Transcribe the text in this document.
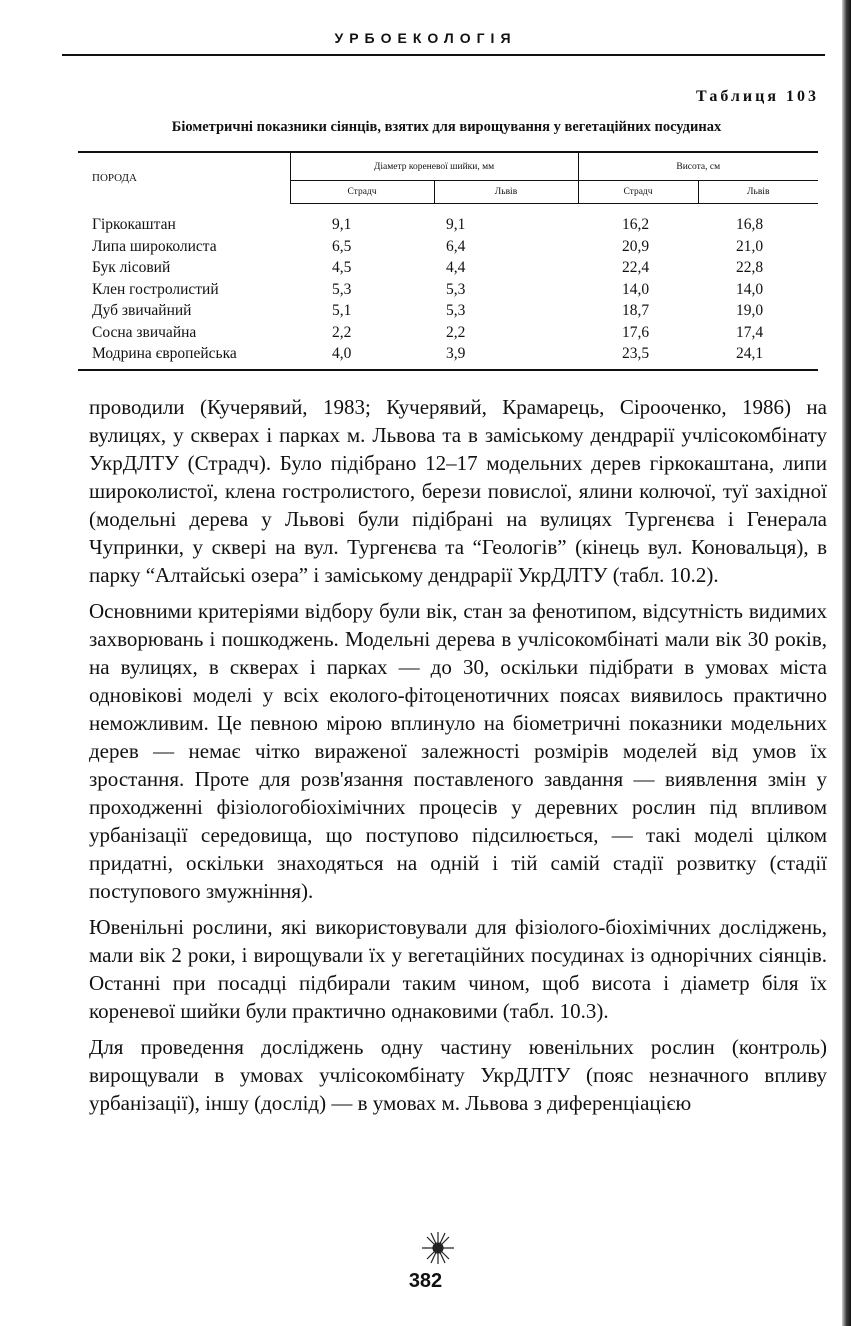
УРБОЕКОЛОГІЯ
Таблиця 103
Біометричні показники сіянців, взятих для вирощування у вегетаційних посудинах
ПОРОДА	Діаметр кореневої шийки, мм		Висота, см	
	Страдч	Львів	Страдч	Львів
Гіркокаштан	9,1	9,1	16,2	16,8
Липа широколиста	6,5	6,4	20,9	21,0
Бук лісовий	4,5	4,4	22,4	22,8
Клен гостролистий	5,3	5,3	14,0	14,0
Дуб звичайний	5,1	5,3	18,7	19,0
Сосна звичайна	2,2	2,2	17,6	17,4
Модрина європейська	4,0	3,9	23,5	24,1

проводили (Кучерявий, 1983; Кучерявий, Крамарець, Сірооченко, 1986) на вулицях, у скверах і парках м. Львова та в заміському дендрарії учлісокомбінату УкрДЛТУ (Страдч). Було підібрано 12–17 модельних дерев гіркокаштана, липи широколистої, клена гостролистого, берези повислої, ялини колючої, туї західної (модельні дерева у Львові були підібрані на вулицях Тургенєва і Генерала Чупринки, у сквері на вул. Тургенєва та “Геологів” (кінець вул. Коновальця), в парку “Алтайські озера” і заміському дендрарії УкрДЛТУ (табл. 10.2).

Основними критеріями відбору були вік, стан за фенотипом, відсутність видимих захворювань і пошкоджень. Модельні дерева в учлісокомбінаті мали вік 30 років, на вулицях, в скверах і парках — до 30, оскільки підібрати в умовах міста одновікові моделі у всіх еколого-фітоценотичних поясах виявилось практично неможливим. Це певною мірою вплинуло на біометричні показники модельних дерев — немає чітко вираженої залежності розмірів моделей від умов їх зростання. Проте для розв'язання поставленого завдання — виявлення змін у проходженні фізіологобіохімічних процесів у деревних рослин під впливом урбанізації середовища, що поступово підсилюється, — такі моделі цілком придатні, оскільки знаходяться на одній і тій самій стадії розвитку (стадії поступового змужніння).

Ювенільні рослини, які використовували для фізіолого-біохімічних досліджень, мали вік 2 роки, і вирощували їх у вегетаційних посудинах із однорічних сіянців. Останні при посадці підбирали таким чином, щоб висота і діаметр біля їх кореневої шийки були практично однаковими (табл. 10.3).

Для проведення досліджень одну частину ювенільних рослин (контроль) вирощували в умовах учлісокомбінату УкрДЛТУ (пояс незначного впливу урбанізації), іншу (дослід) — в умовах м. Львова з диференціацією

382
